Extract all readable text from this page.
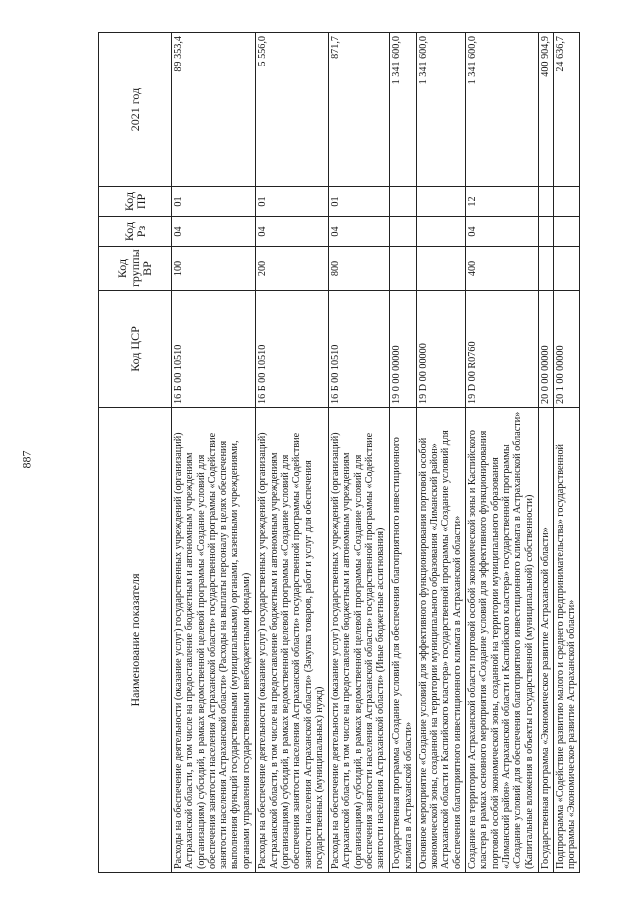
887
Наименование показателя	Код ЦСР	Код группы ВР	Код Рз	Код ПР	2021 год
Расходы на обеспечение деятельности (оказание услуг) государственных учреждений (организаций) Астраханской области, в том числе на предоставление бюджетным и автономным учреждениям (организациям) субсидий, в рамках ведомственной целевой программы «Создание условий для обеспечения занятости населения Астраханской области» государственной программы «Содействие занятости населения Астраханской области» (Расходы на выплаты персоналу в целях обеспечения выполнения функций государственными (муниципальными) органами, казенными учреждениями, органами управления государственными внебюджетными фондами)	16 Б 00 10510	100	04	01	89 353,4
Расходы на обеспечение деятельности (оказание услуг) государственных учреждений (организаций) Астраханской области, в том числе на предоставление бюджетным и автономным учреждениям (организациям) субсидий, в рамках ведомственной целевой программы «Создание условий для обеспечения занятости населения Астраханской области» государственной программы «Содействие занятости населения Астраханской области» (Закупка товаров, работ и услуг для обеспечения государственных (муниципальных) нужд)	16 Б 00 10510	200	04	01	5 556,0
Расходы на обеспечение деятельности (оказание услуг) государственных учреждений (организаций) Астраханской области, в том числе на предоставление бюджетным и автономным учреждениям (организациям) субсидий, в рамках ведомственной целевой программы «Создание условий для обеспечения занятости населения Астраханской области» государственной программы «Содействие занятости населения Астраханской области» (Иные бюджетные ассигнования)	16 Б 00 10510	800	04	01	871,7
Государственная программа «Создание условий для обеспечения благоприятного инвестиционного климата в Астраханской области»	19 0 00 00000				1 341 600,0
Основное мероприятие «Создание условий для эффективного функционирования портовой особой экономической зоны, созданной на территории муниципального образования «Лиманский район» Астраханской области и Каспийского кластера» государственной программы «Создание условий для обеспечения благоприятного инвестиционного климата в Астраханской области»	19 D 00 00000				1 341 600,0
Создание на территории Астраханской области портовой особой экономической зоны и Каспийского кластера в рамках основного мероприятия «Создание условий для эффективного функционирования портовой особой экономической зоны, созданной на территории муниципального образования «Лиманский район» Астраханской области и Каспийского кластера» государственной программы «Создание условий для обеспечения благоприятного инвестиционного климата в Астраханской области» (Капитальные вложения в объекты государственной (муниципальной) собственности)	19 D 00 R0760	400	04	12	1 341 600,0
Государственная программа «Экономическое развитие Астраханской области»	20 0 00 00000				400 904,9
Подпрограмма «Содействие развитию малого и среднего предпринимательства» государственной программы «Экономическое развитие Астраханской области»	20 1 00 00000				24 636,7
